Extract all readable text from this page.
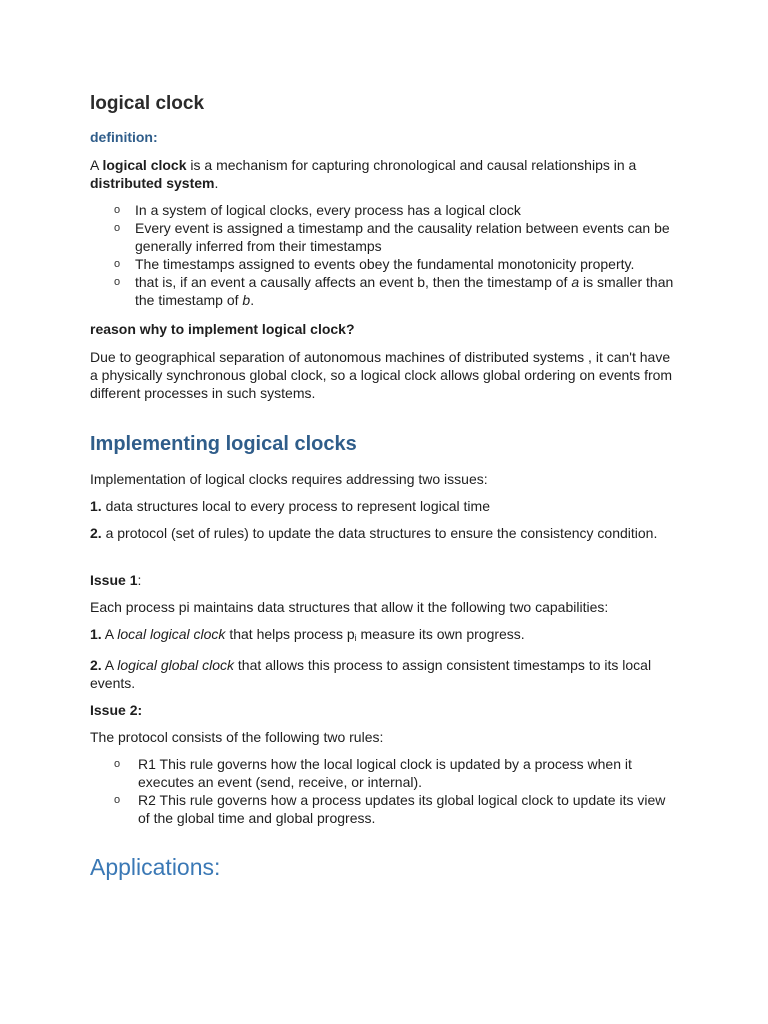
logical clock
definition:

A logical clock is a mechanism for capturing chronological and causal relationships in a distributed system.

o In a system of logical clocks, every process has a logical clock
o Every event is assigned a timestamp and the causality relation between events can be generally inferred from their timestamps
o The timestamps assigned to events obey the fundamental monotonicity property.
o that is, if an event a causally affects an event b, then the timestamp of a is smaller than the timestamp of b.
reason why to implement logical clock?

Due to geographical separation of autonomous machines of distributed systems , it can't have a physically synchronous global clock, so a logical clock allows global ordering on events from different processes in such systems.

Implementing logical clocks

Implementation of logical clocks requires addressing two issues:

1. data structures local to every process to represent logical time

2. a protocol (set of rules) to update the data structures to ensure the consistency condition.

Issue 1:

Each process pi maintains data structures that allow it the following two capabilities:

1. A local logical clock that helps process $p_i$ measure its own progress.

2. A logical global clock that allows this process to assign consistent timestamps to its local events.

Issue 2:

The protocol consists of the following two rules:

o R1 This rule governs how the local logical clock is updated by a process when it executes an event (send, receive, or internal).
o R2 This rule governs how a process updates its global logical clock to update its view of the global time and global progress.
Applications:
